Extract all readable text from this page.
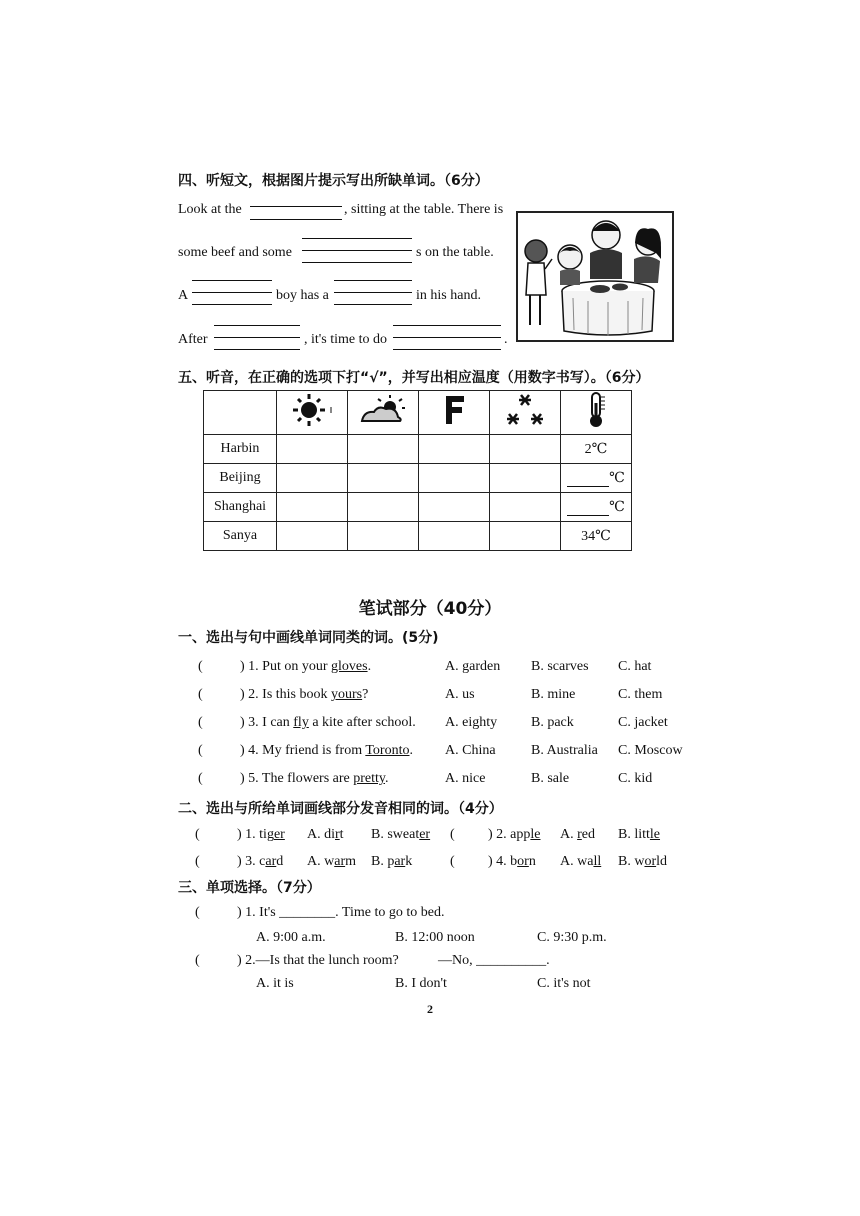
四、听短文，根据图片提示写出所缺单词。（6分）
Look at the	, sitting at the table. There is
some beef and some	s on the table.
A	boy has a	in his hand.
After	, it's time to do	.
五、听音，在正确的选项下打“√”，并写出相应温度（用数字书写）。（6分）

Harbin					2℃
Beijing					℃
Shanghai					℃
Sanya					34℃
笔试部分（40分）
一、选出与句中画线单词同类的词。(5分)
(	) 1. Put on your gloves.	A. garden B. scarves C. hat
(	) 2. Is this book yours?	A. us	B. mine	C. them
(	) 3. I can fly a kite after school. A. eighty B. pack	C. jacket
(	) 4. My friend is from Toronto. A. China	B. Australia C. Moscow
(	) 5. The flowers are pretty.	A. nice	B. sale	C. kid
二、选出与所给单词画线部分发音相同的词。（4分）
(	) 1. tiger A. dirt B. sweater ( ) 2. apple A. red B. little
(	) 3. card A. warm B. park	( ) 4. born A. wall B. world
三、单项选择。（7分）
(	) 1. It's ________. Time to go to bed.
A. 9:00 a.m.	B. 12:00 noon	C. 9:30 p.m.
(	) 2.—Is that the lunch room?	—No, __________.
A. it is	B. I don't	C. it's not
2
